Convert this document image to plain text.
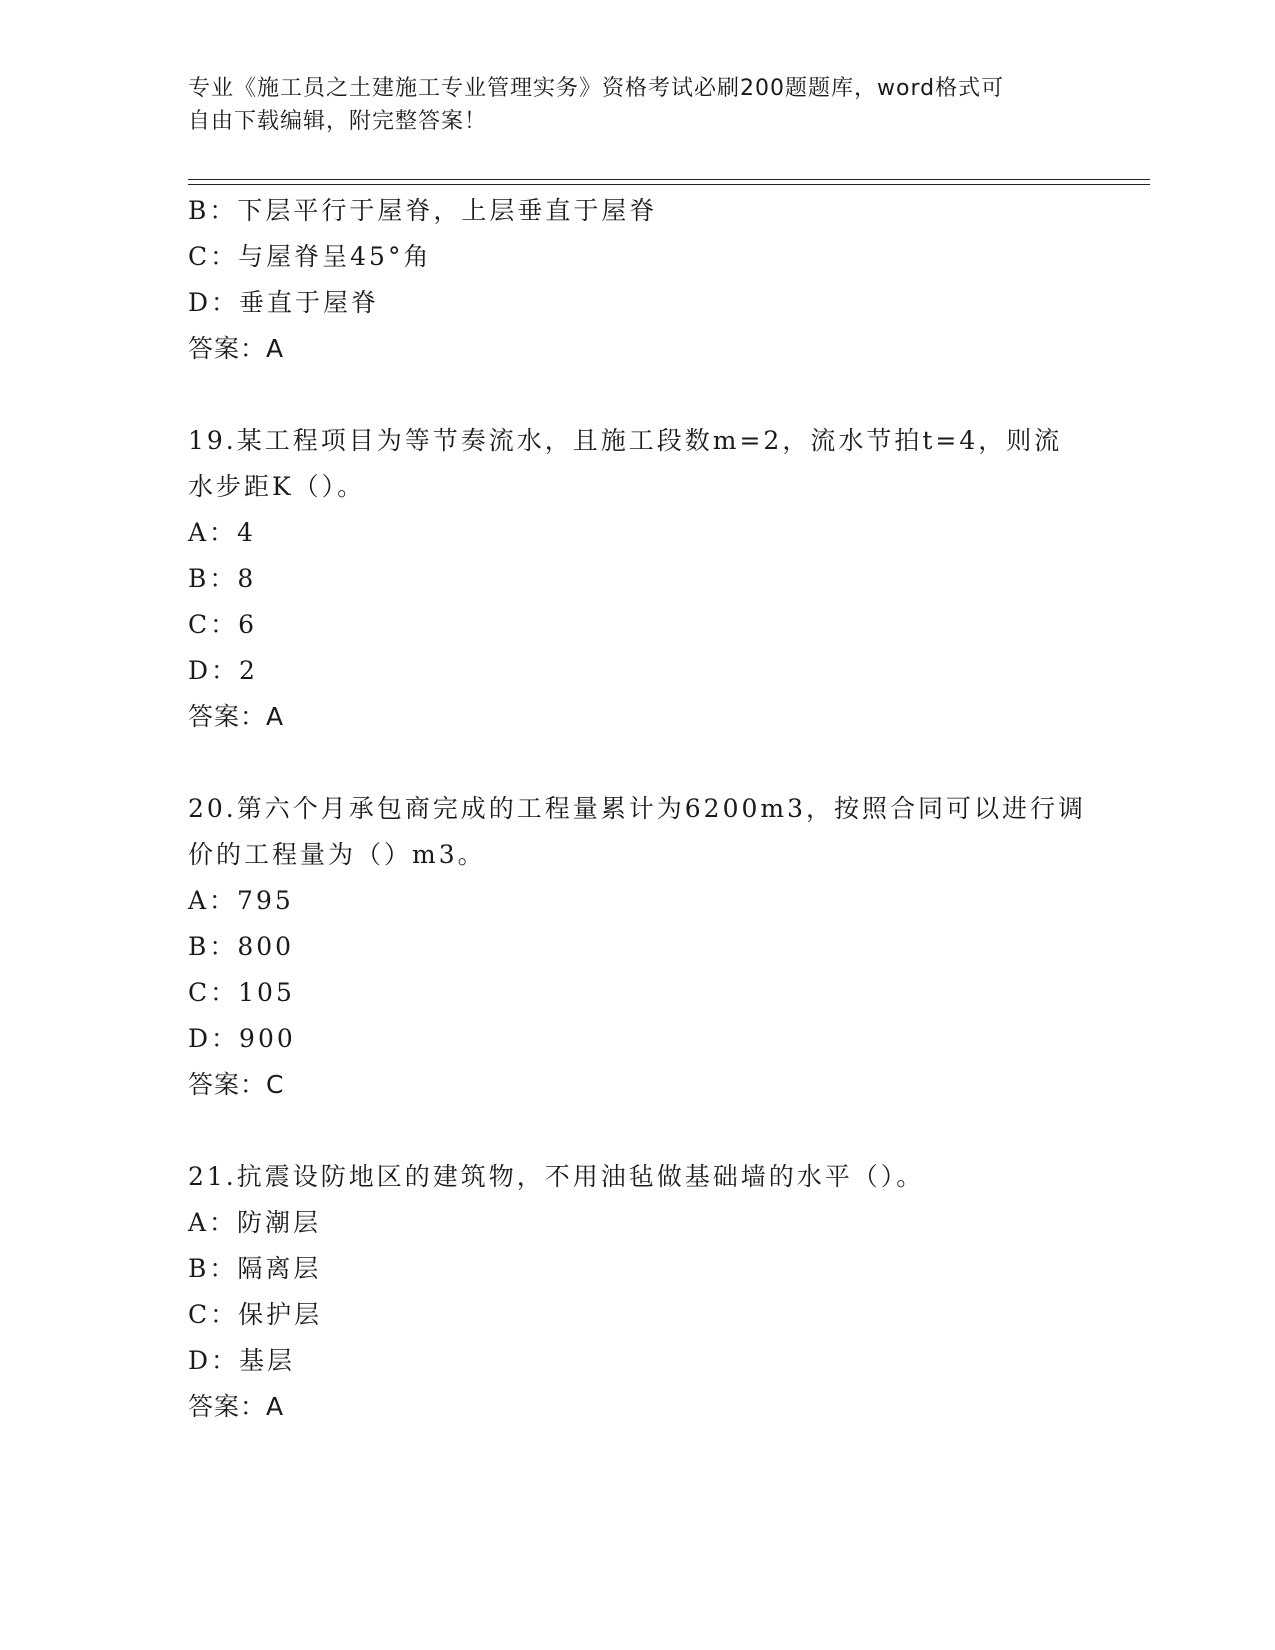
专业《施工员之土建施工专业管理实务》资格考试必刷200题题库，word格式可
自由下载编辑，附完整答案！
B：下层平行于屋脊，上层垂直于屋脊
C：与屋脊呈45°角
D：垂直于屋脊
答案：A
19.某工程项目为等节奏流水，且施工段数m=2，流水节拍t=4，则流
水步距K（）。
A：4
B：8
C：6
D：2
答案：A
20.第六个月承包商完成的工程量累计为6200m3，按照合同可以进行调
价的工程量为（）m3。
A：795
B：800
C：105
D：900
答案：C
21.抗震设防地区的建筑物，不用油毡做基础墙的水平（）。
A：防潮层
B：隔离层
C：保护层
D：基层
答案：A
